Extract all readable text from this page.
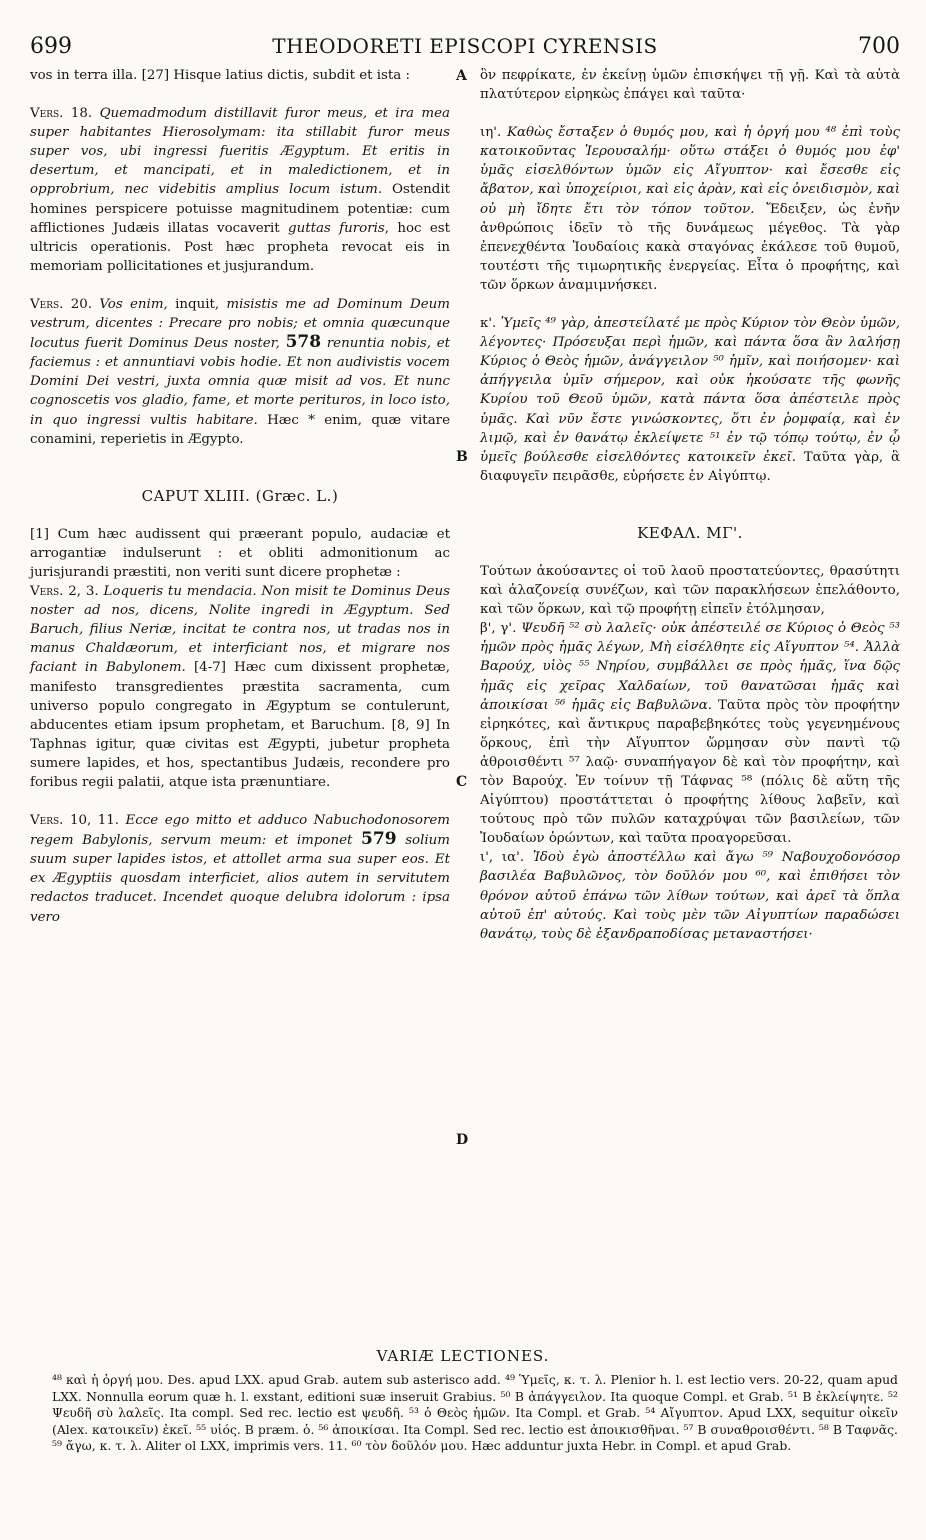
699	THEODORETI EPISCOPI CYRENSIS	700
A
B
C
D

vos in terra illa. [27] Hisque latius dictis, subdit et ista :

Vers. 18. Quemadmodum distillavit furor meus, et ira mea super habitantes Hierosolymam: ita stillabit furor meus super vos, ubi ingressi fueritis Ægyptum. Et eritis in desertum, et mancipati, et in maledictionem, et in opprobrium, nec videbitis amplius locum istum. Ostendit homines perspicere potuisse magnitudinem potentiæ: cum afflictiones Judæis illatas vocaverit guttas furoris, hoc est ultricis operationis. Post hæc propheta revocat eis in memoriam pollicitationes et jusjurandum.

Vers. 20. Vos enim, inquit, misistis me ad Dominum Deum vestrum, dicentes : Precare pro nobis; et omnia quæcunque locutus fuerit Dominus Deus noster, 578 renuntia nobis, et faciemus : et annuntiavi vobis hodie. Et non audivistis vocem Domini Dei vestri, juxta omnia quæ misit ad vos. Et nunc cognoscetis vos gladio, fame, et morte perituros, in loco isto, in quo ingressi vultis habitare. Hæc * enim, quæ vitare conamini, reperietis in Ægypto.

CAPUT XLIII. (Græc. L.)

[1] Cum hæc audissent qui præerant populo, audaciæ et arrogantiæ indulserunt : et obliti admonitionum ac jurisjurandi præstiti, non veriti sunt dicere prophetæ :

Vers. 2, 3. Loqueris tu mendacia. Non misit te Dominus Deus noster ad nos, dicens, Nolite ingredi in Ægyptum. Sed Baruch, filius Neriæ, incitat te contra nos, ut tradas nos in manus Chaldæorum, et interficiant nos, et migrare nos faciant in Babylonem. [4-7] Hæc cum dixissent prophetæ, manifesto transgredientes præstita sacramenta, cum universo populo congregato in Ægyptum se contulerunt, abducentes etiam ipsum prophetam, et Baruchum. [8, 9] In Taphnas igitur, quæ civitas est Ægypti, jubetur propheta sumere lapides, et hos, spectantibus Judæis, recondere pro foribus regii palatii, atque ista prænuntiare.

Vers. 10, 11. Ecce ego mitto et adduco Nabuchodonosorem regem Babylonis, servum meum: et imponet 579 solium suum super lapides istos, et attollet arma sua super eos. Et ex Ægyptiis quosdam interficiet, alios autem in servitutem redactos traducet. Incendet quoque delubra idolorum : ipsa vero

ὃν πεφρίκατε, ἐν ἐκείνῃ ὑμῶν ἐπισκήψει τῇ γῇ. Καὶ τὰ αὐτὰ πλατύτερον εἰρηκὼς ἐπάγει καὶ ταῦτα·

ιη'. Καθὼς ἔσταξεν ὁ θυμός μου, καὶ ἡ ὀργή μου ⁴⁸ ἐπὶ τοὺς κατοικοῦντας Ἱερουσαλήμ· οὕτω στάξει ὁ θυμός μου ἐφ' ὑμᾶς εἰσελθόντων ὑμῶν εἰς Αἴγυπτον· καὶ ἔσεσθε εἰς ἄβατον, καὶ ὑποχείριοι, καὶ εἰς ἀρὰν, καὶ εἰς ὀνειδισμὸν, καὶ οὐ μὴ ἴδητε ἔτι τὸν τόπον τοῦτον. Ἔδειξεν, ὡς ἐνῆν ἀνθρώποις ἰδεῖν τὸ τῆς δυνάμεως μέγεθος. Τὰ γὰρ ἐπενεχθέντα Ἰουδαίοις κακὰ σταγόνας ἐκάλεσε τοῦ θυμοῦ, τουτέστι τῆς τιμωρητικῆς ἐνεργείας. Εἶτα ὁ προφήτης, καὶ τῶν ὅρκων ἀναμιμνήσκει.

κ'. Ὑμεῖς ⁴⁹ γὰρ, ἀπεστείλατέ με πρὸς Κύριον τὸν Θεὸν ὑμῶν, λέγοντες· Πρόσευξαι περὶ ἡμῶν, καὶ πάντα ὅσα ἂν λαλήσῃ Κύριος ὁ Θεὸς ἡμῶν, ἀνάγγειλον ⁵⁰ ἡμῖν, καὶ ποιήσομεν· καὶ ἀπήγγειλα ὑμῖν σήμερον, καὶ οὐκ ἠκούσατε τῆς φωνῆς Κυρίου τοῦ Θεοῦ ὑμῶν, κατὰ πάντα ὅσα ἀπέστειλε πρὸς ὑμᾶς. Καὶ νῦν ἔστε γινώσκοντες, ὅτι ἐν ῥομφαίᾳ, καὶ ἐν λιμῷ, καὶ ἐν θανάτῳ ἐκλείψετε ⁵¹ ἐν τῷ τόπῳ τούτῳ, ἐν ᾧ ὑμεῖς βούλεσθε εἰσελθόντες κατοικεῖν ἐκεῖ. Ταῦτα γὰρ, ἃ διαφυγεῖν πειρᾶσθε, εὑρήσετε ἐν Αἰγύπτῳ.

ΚΕΦΑΛ. ΜΓ'.

Τούτων ἀκούσαντες οἱ τοῦ λαοῦ προστατεύοντες, θρασύτητι καὶ ἀλαζονείᾳ συνέζων, καὶ τῶν παρακλήσεων ἐπελάθοντο, καὶ τῶν ὅρκων, καὶ τῷ προφήτῃ εἰπεῖν ἐτόλμησαν,

β', γ'. Ψευδῆ ⁵² σὺ λαλεῖς· οὐκ ἀπέστειλέ σε Κύριος ὁ Θεὸς ⁵³ ἡμῶν πρὸς ἡμᾶς λέγων, Μὴ εἰσέλθητε εἰς Αἴγυπτον ⁵⁴. Ἀλλὰ Βαρούχ, υἱὸς ⁵⁵ Νηρίου, συμβάλλει σε πρὸς ἡμᾶς, ἵνα δῷς ἡμᾶς εἰς χεῖρας Χαλδαίων, τοῦ θανατῶσαι ἡμᾶς καὶ ἀποικίσαι ⁵⁶ ἡμᾶς εἰς Βαβυλῶνα. Ταῦτα πρὸς τὸν προφήτην εἰρηκότες, καὶ ἄντικρυς παραβεβηκότες τοὺς γεγενημένους ὅρκους, ἐπὶ τὴν Αἴγυπτον ὥρμησαν σὺν παντὶ τῷ ἀθροισθέντι ⁵⁷ λαῷ· συναπήγαγον δὲ καὶ τὸν προφήτην, καὶ τὸν Βαρούχ. Ἐν τοίνυν τῇ Τάφνας ⁵⁸ (πόλις δὲ αὕτη τῆς Αἰγύπτου) προστάττεται ὁ προφήτης λίθους λαβεῖν, καὶ τούτους πρὸ τῶν πυλῶν καταχρύψαι τῶν βασιλείων, τῶν Ἰουδαίων ὁρώντων, καὶ ταῦτα προαγορεῦσαι.

ι', ια'. Ἰδοὺ ἐγὼ ἀποστέλλω καὶ ἄγω ⁵⁹ Ναβουχοδονόσορ βασιλέα Βαβυλῶνος, τὸν δοῦλόν μου ⁶⁰, καὶ ἐπιθήσει τὸν θρόνον αὐτοῦ ἐπάνω τῶν λίθων τούτων, καὶ ἀρεῖ τὰ ὅπλα αὐτοῦ ἐπ' αὐτούς. Καὶ τοὺς μὲν τῶν Αἰγυπτίων παραδώσει θανάτῳ, τοὺς δὲ ἐξανδραποδίσας μεταναστήσει·

VARIÆ LECTIONES.

⁴⁸ καὶ ἡ ὀργή μου. Des. apud LXX. apud Grab. autem sub asterisco add. ⁴⁹ Ὑμεῖς, κ. τ. λ. Plenior h. l. est lectio vers. 20-22, quam apud LXX. Nonnulla eorum quæ h. l. exstant, editioni suæ inseruit Grabius. ⁵⁰ B ἀπάγγειλον. Ita quoque Compl. et Grab. ⁵¹ B ἐκλείψητε. ⁵² Ψευδῆ σὺ λαλεῖς. Ita compl. Sed rec. lectio est ψευδῆ. ⁵³ ὁ Θεὸς ἡμῶν. Ita Compl. et Grab. ⁵⁴ Αἴγυπτον. Apud LXX, sequitur οἰκεῖν (Alex. κατοικεῖν) ἐκεῖ. ⁵⁵ υἱός. B præm. ὁ. ⁵⁶ ἀποικίσαι. Ita Compl. Sed rec. lectio est ἀποικισθῆναι. ⁵⁷ B συναθροισθέντι. ⁵⁸ B Ταφνᾶς. ⁵⁹ ἄγω, κ. τ. λ. Aliter ol LXX, imprimis vers. 11. ⁶⁰ τὸν δοῦλόν μου. Hæc adduntur juxta Hebr. in Compl. et apud Grab.
